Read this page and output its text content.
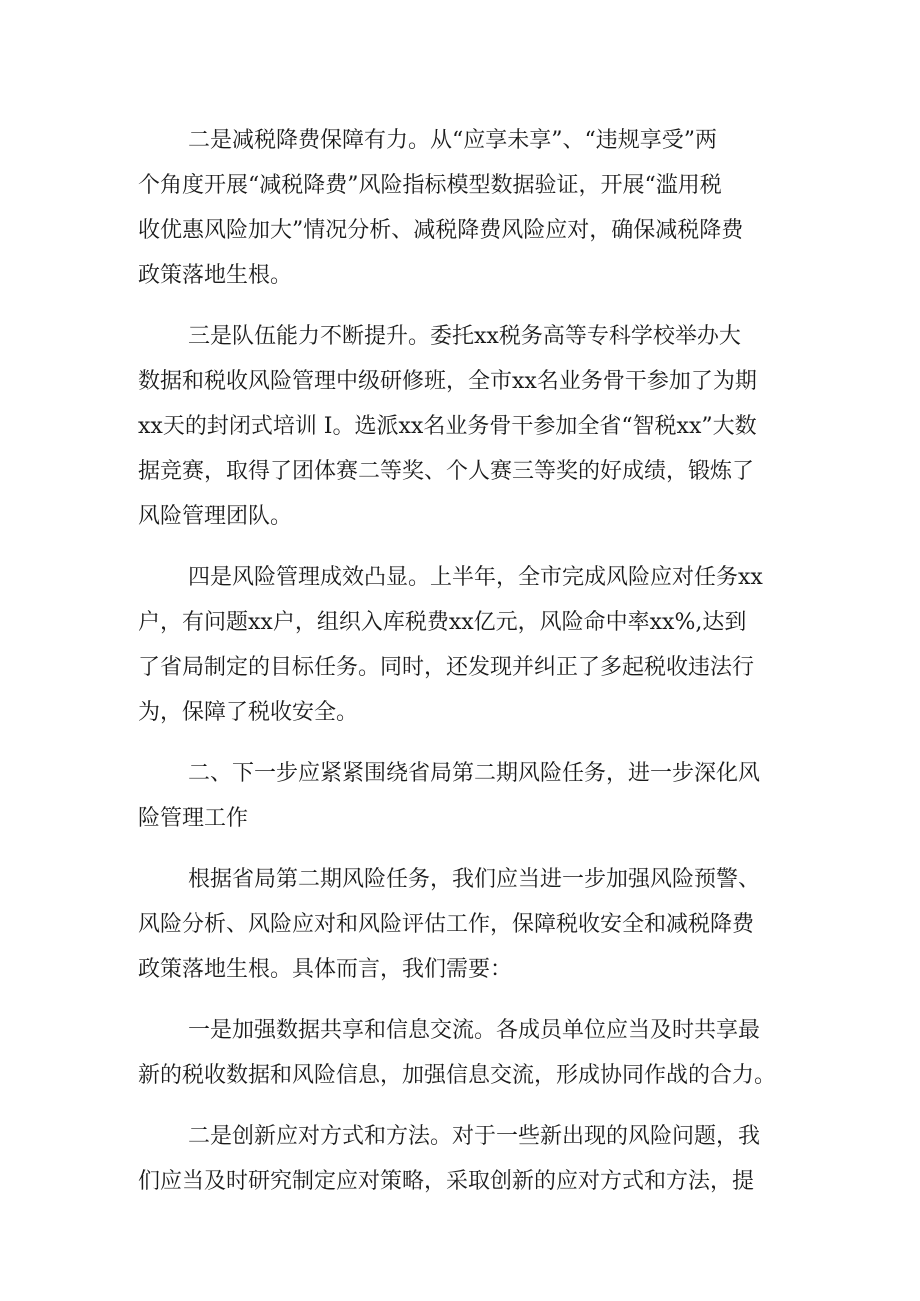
二是减税降费保障有力。从“应享未享”、“违规享受”两
个角度开展“减税降费”风险指标模型数据验证，开展“滥用税
收优惠风险加大”情况分析、减税降费风险应对，确保减税降费
政策落地生根。

三是队伍能力不断提升。委托xx税务高等专科学校举办大
数据和税收风险管理中级研修班，全市xx名业务骨干参加了为期
xx天的封闭式培训 I。选派xx名业务骨干参加全省“智税xx”大数
据竞赛，取得了团体赛二等奖、个人赛三等奖的好成绩，锻炼了
风险管理团队。

四是风险管理成效凸显。上半年，全市完成风险应对任务xx
户，有问题xx户，组织入库税费xx亿元，风险命中率xx%,达到
了省局制定的目标任务。同时，还发现并纠正了多起税收违法行
为，保障了税收安全。

二、下一步应紧紧围绕省局第二期风险任务，进一步深化风
险管理工作

根据省局第二期风险任务，我们应当进一步加强风险预警、
风险分析、风险应对和风险评估工作，保障税收安全和减税降费
政策落地生根。具体而言，我们需要：

一是加强数据共享和信息交流。各成员单位应当及时共享最
新的税收数据和风险信息，加强信息交流，形成协同作战的合力。

二是创新应对方式和方法。对于一些新出现的风险问题，我
们应当及时研究制定应对策略，采取创新的应对方式和方法，提
